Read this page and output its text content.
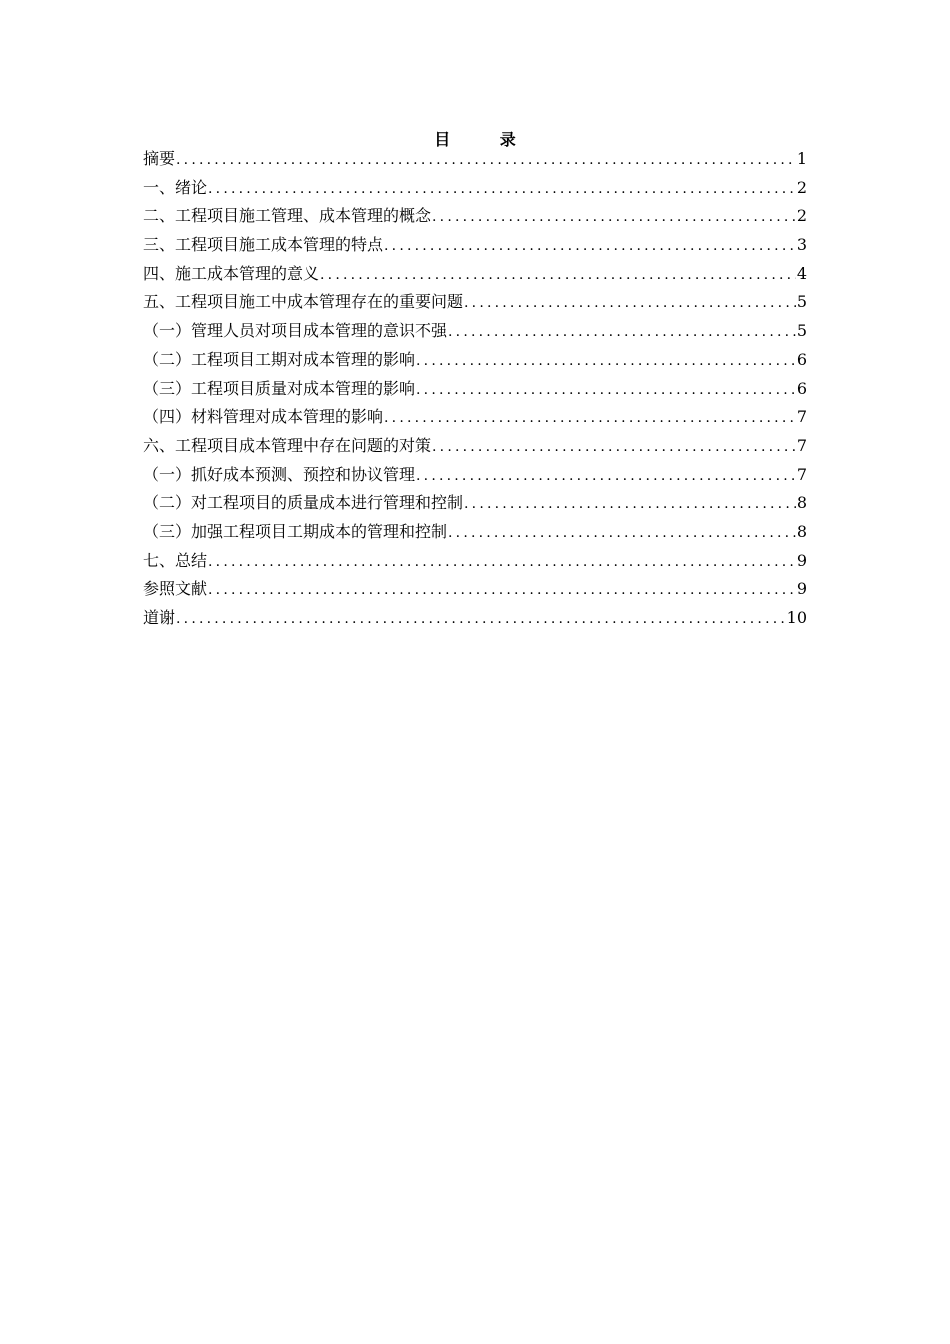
目 录
摘要 .....	1
一、绪论 .....	2
二、工程项目施工管理、成本管理的概念 .....	2
三、工程项目施工成本管理的特点 .....	3
四、施工成本管理的意义 .....	4
五、工程项目施工中成本管理存在的重要问题 .....	5
（一）管理人员对项目成本管理的意识不强 .....	5
（二）工程项目工期对成本管理的影响 .....	6
（三）工程项目质量对成本管理的影响 .....	6
（四）材料管理对成本管理的影响 .....	7
六、工程项目成本管理中存在问题的对策 .....	7
（一）抓好成本预测、预控和协议管理 .....	7
（二）对工程项目的质量成本进行管理和控制 .....	8
（三）加强工程项目工期成本的管理和控制 .....	8
七、总结 .....	9
参照文献 .....	9
道谢 .....	10
